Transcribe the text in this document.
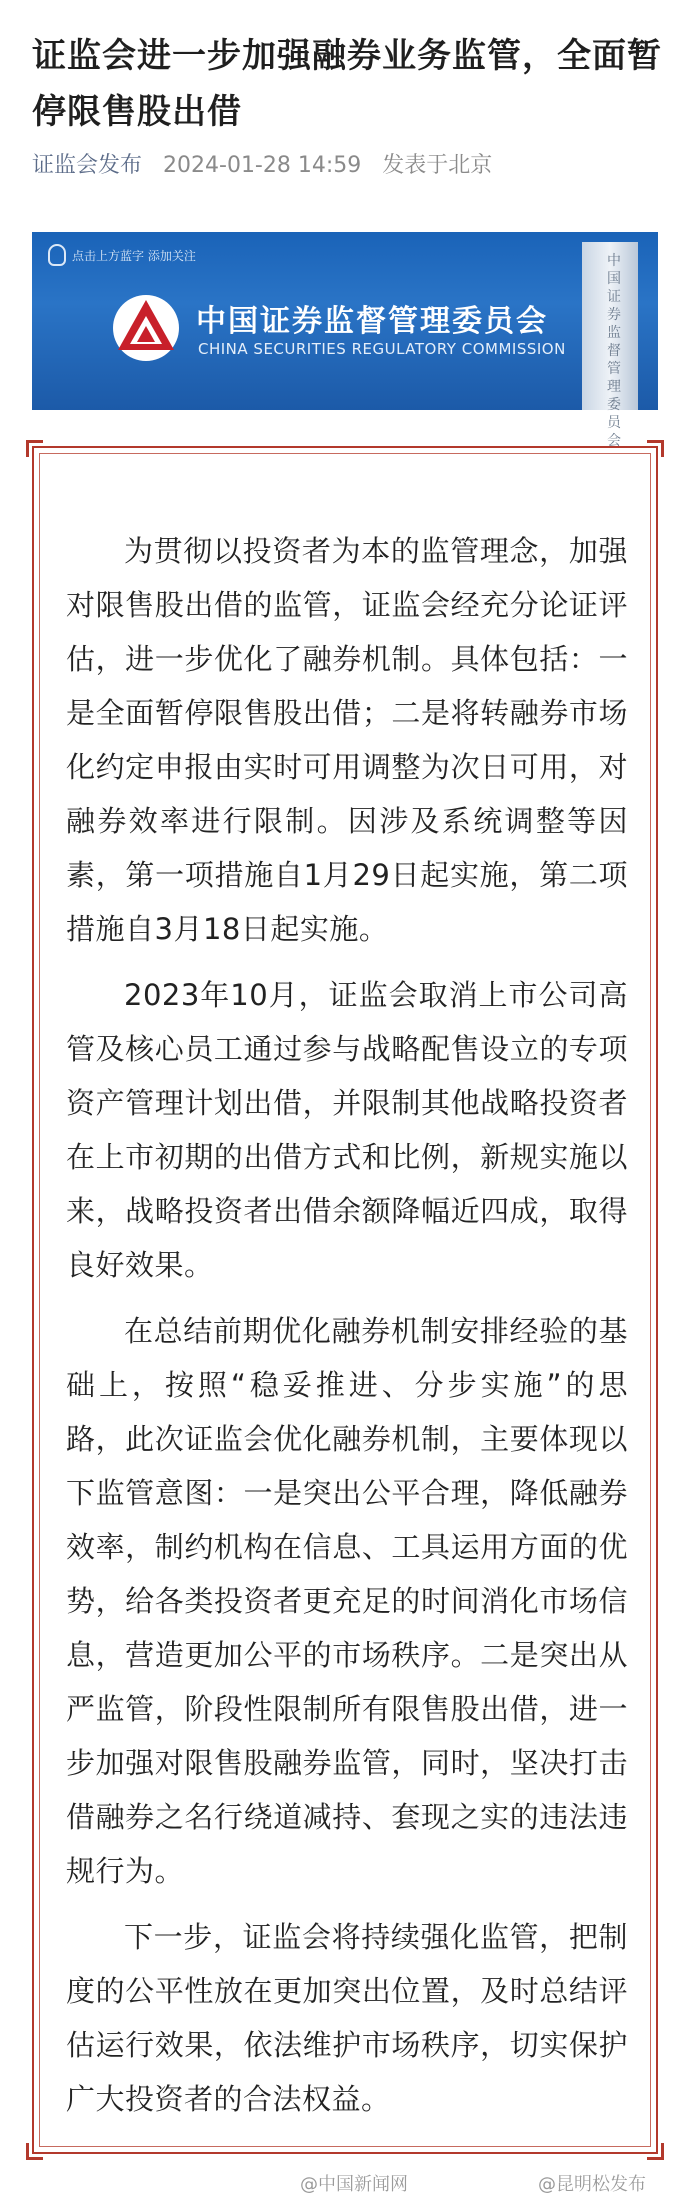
证监会进一步加强融券业务监管，全面暂停限售股出借
证监会发布 2024-01-28 14:59 发表于北京
点击上方蓝字 添加关注
中国证券监督管理委员会
CHINA SECURITIES REGULATORY COMMISSION
中国证券监督管理委员会

为贯彻以投资者为本的监管理念，加强对限售股出借的监管，证监会经充分论证评估，进一步优化了融券机制。具体包括：一是全面暂停限售股出借；二是将转融券市场化约定申报由实时可用调整为次日可用，对融券效率进行限制。因涉及系统调整等因素，第一项措施自1月29日起实施，第二项措施自3月18日起实施。

2023年10月，证监会取消上市公司高管及核心员工通过参与战略配售设立的专项资产管理计划出借，并限制其他战略投资者在上市初期的出借方式和比例，新规实施以来，战略投资者出借余额降幅近四成，取得良好效果。

在总结前期优化融券机制安排经验的基础上，按照“稳妥推进、分步实施”的思路，此次证监会优化融券机制，主要体现以下监管意图：一是突出公平合理，降低融券效率，制约机构在信息、工具运用方面的优势，给各类投资者更充足的时间消化市场信息，营造更加公平的市场秩序。二是突出从严监管，阶段性限制所有限售股出借，进一步加强对限售股融券监管，同时，坚决打击借融券之名行绕道减持、套现之实的违法违规行为。

下一步，证监会将持续强化监管，把制度的公平性放在更加突出位置，及时总结评估运行效果，依法维护市场秩序，切实保护广大投资者的合法权益。

@中国新闻网	@昆明松发布
